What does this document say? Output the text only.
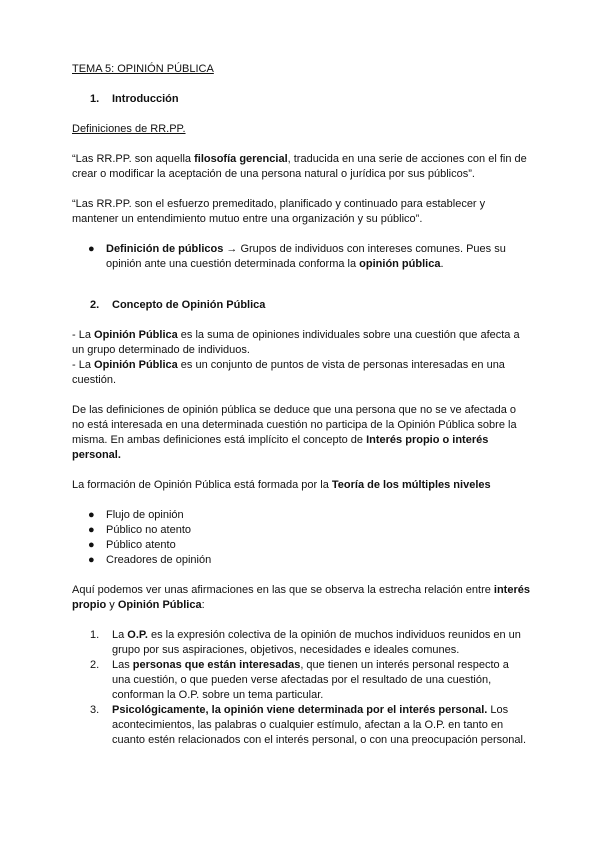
TEMA 5: OPINIÓN PÚBLICA

1.	Introducción

Definiciones de RR.PP.

“Las RR.PP. son aquella filosofía gerencial, traducida en una serie de acciones con el fin de crear o modificar la aceptación de una persona natural o jurídica por sus públicos”.

“Las RR.PP. son el esfuerzo premeditado, planificado y continuado para establecer y mantener un entendimiento mutuo entre una organización y su público”.

●	Definición de públicos → Grupos de individuos con intereses comunes. Pues su opinión ante una cuestión determinada conforma la opinión pública.
2.	Concepto de Opinión Pública

- La Opinión Pública es la suma de opiniones individuales sobre una cuestión que afecta a un grupo determinado de individuos.

- La Opinión Pública es un conjunto de puntos de vista de personas interesadas en una cuestión.

De las definiciones de opinión pública se deduce que una persona que no se ve afectada o no está interesada en una determinada cuestión no participa de la Opinión Pública sobre la misma. En ambas definiciones está implícito el concepto de Interés propio o interés personal.

La formación de Opinión Pública está formada por la Teoría de los múltiples niveles

●	Flujo de opinión
●	Público no atento
●	Público atento
●	Creadores de opinión

Aquí podemos ver unas afirmaciones en las que se observa la estrecha relación entre interés propio y Opinión Pública:

1.	La O.P. es la expresión colectiva de la opinión de muchos individuos reunidos en un grupo por sus aspiraciones, objetivos, necesidades e ideales comunes.
2.	Las personas que están interesadas, que tienen un interés personal respecto a una cuestión, o que pueden verse afectadas por el resultado de una cuestión, conforman la O.P. sobre un tema particular.
3.	Psicológicamente, la opinión viene determinada por el interés personal. Los acontecimientos, las palabras o cualquier estímulo, afectan a la O.P. en tanto en cuanto estén relacionados con el interés personal, o con una preocupación personal.
